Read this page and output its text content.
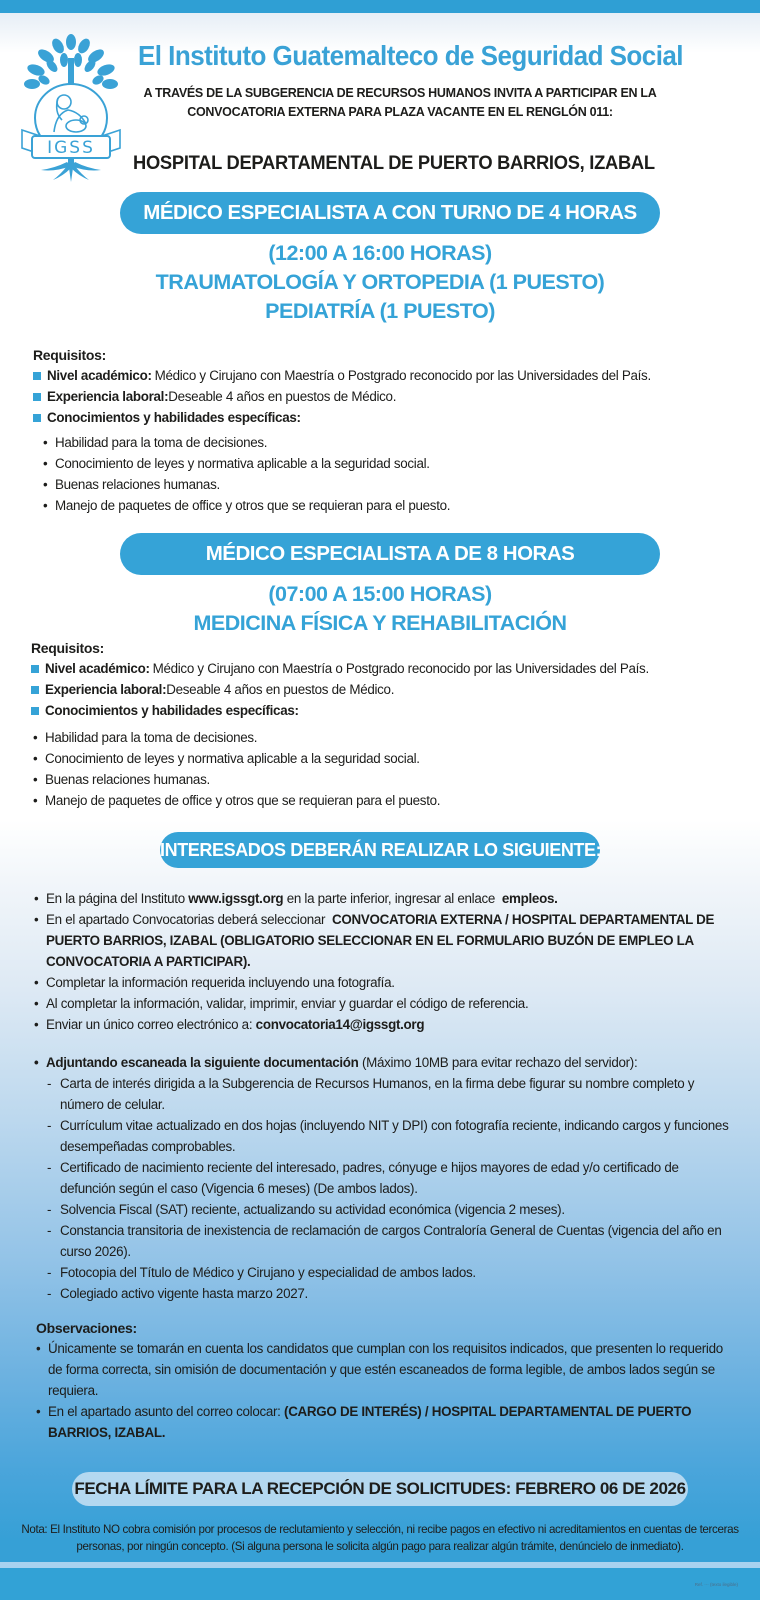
IGSS
El Instituto Guatemalteco de Seguridad Social
A TRAVÉS DE LA SUBGERENCIA DE RECURSOS HUMANOS INVITA A PARTICIPAR EN LA
CONVOCATORIA EXTERNA PARA PLAZA VACANTE EN EL RENGLÓN 011:
HOSPITAL DEPARTAMENTAL DE PUERTO BARRIOS, IZABAL
MÉDICO ESPECIALISTA A CON TURNO DE 4 HORAS
(12:00 A 16:00 HORAS)
TRAUMATOLOGÍA Y ORTOPEDIA (1 PUESTO)
PEDIATRÍA (1 PUESTO)
Requisitos:
Nivel académico: Médico y Cirujano con Maestría o Postgrado reconocido por las Universidades del País.
Experiencia laboral: Deseable 4 años en puestos de Médico.
Conocimientos y habilidades específicas:
• Habilidad para la toma de decisiones.
• Conocimiento de leyes y normativa aplicable a la seguridad social.
• Buenas relaciones humanas.
• Manejo de paquetes de office y otros que se requieran para el puesto.
MÉDICO ESPECIALISTA A DE 8 HORAS
(07:00 A 15:00 HORAS)
MEDICINA FÍSICA Y REHABILITACIÓN
Requisitos:
Nivel académico: Médico y Cirujano con Maestría o Postgrado reconocido por las Universidades del País.
Experiencia laboral: Deseable 4 años en puestos de Médico.
Conocimientos y habilidades específicas:
• Habilidad para la toma de decisiones.
• Conocimiento de leyes y normativa aplicable a la seguridad social.
• Buenas relaciones humanas.
• Manejo de paquetes de office y otros que se requieran para el puesto.
INTERESADOS DEBERÁN REALIZAR LO SIGUIENTE:
• En la página del Instituto www.igssgt.org en la parte inferior, ingresar al enlace  empleos.
• En el apartado Convocatorias deberá seleccionar  CONVOCATORIA EXTERNA / HOSPITAL DEPARTAMENTAL DE PUERTO BARRIOS, IZABAL (OBLIGATORIO SELECCIONAR EN EL FORMULARIO BUZÓN DE EMPLEO LA CONVOCATORIA A PARTICIPAR).
• Completar la información requerida incluyendo una fotografía.
• Al completar la información, validar, imprimir, enviar y guardar el código de referencia.
• Enviar un único correo electrónico a: convocatoria14@igssgt.org
• Adjuntando escaneada la siguiente documentación (Máximo 10MB para evitar rechazo del servidor):
- Carta de interés dirigida a la Subgerencia de Recursos Humanos, en la firma debe figurar su nombre completo y número de celular.
- Currículum vitae actualizado en dos hojas (incluyendo NIT y DPI) con fotografía reciente, indicando cargos y funciones desempeñadas comprobables.
- Certificado de nacimiento reciente del interesado, padres, cónyuge e hijos mayores de edad y/o certificado de defunción según el caso (Vigencia 6 meses) (De ambos lados).
- Solvencia Fiscal (SAT) reciente, actualizando su actividad económica (vigencia 2 meses).
- Constancia transitoria de inexistencia de reclamación de cargos Contraloría General de Cuentas (vigencia del año en curso 2026).
- Fotocopia del Título de Médico y Cirujano y especialidad de ambos lados.
- Colegiado activo vigente hasta marzo 2027.
Observaciones:
• Únicamente se tomarán en cuenta los candidatos que cumplan con los requisitos indicados, que presenten lo requerido de forma correcta, sin omisión de documentación y que estén escaneados de forma legible, de ambos lados según se requiera.
• En el apartado asunto del correo colocar: (CARGO DE INTERÉS) / HOSPITAL DEPARTAMENTAL DE PUERTO BARRIOS, IZABAL.
FECHA LÍMITE PARA LA RECEPCIÓN DE SOLICITUDES: FEBRERO 06 DE 2026
Nota: El Instituto NO cobra comisión por procesos de reclutamiento y selección, ni recibe pagos en efectivo ni acreditamientos en cuentas de terceras personas, por ningún concepto. (Si alguna persona le solicita algún pago para realizar algún trámite, denúncielo de inmediato).
Ref. ··· (texto ilegible)
